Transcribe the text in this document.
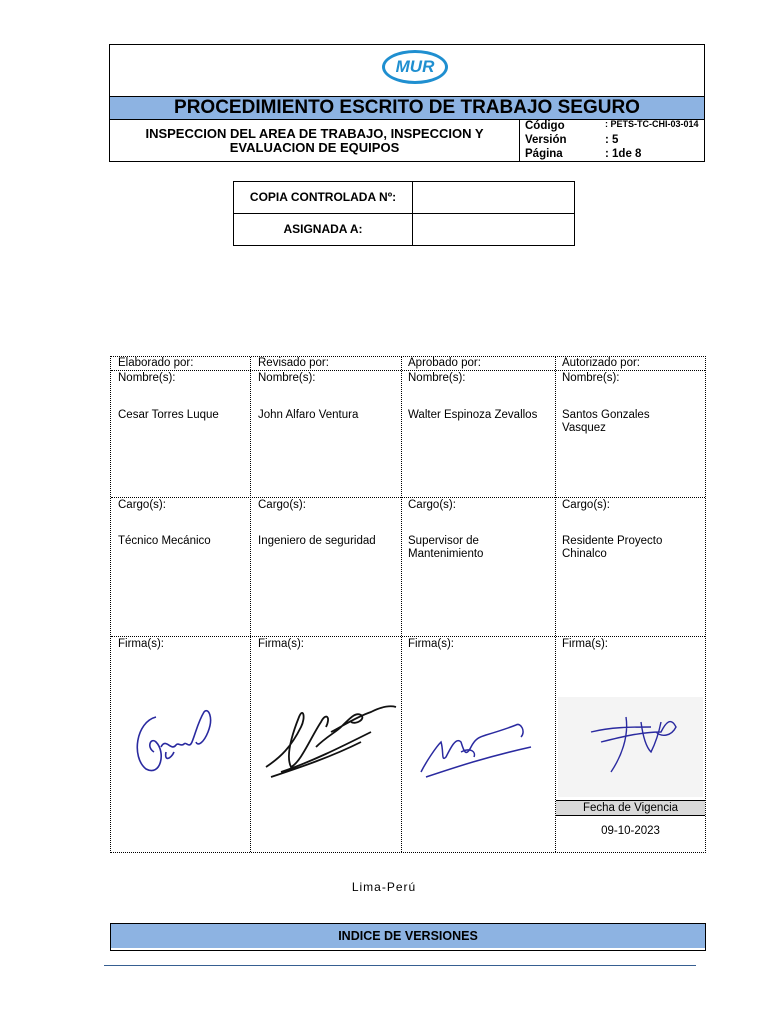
MUR
PROCEDIMIENTO ESCRITO DE TRABAJO SEGURO
INSPECCION DEL AREA DE TRABAJO, INSPECCION Y
EVALUACION DE EQUIPOS
Código	: PETS-TC-CHI-03-014
Versión	: 5
Página	: 1de 8
COPIA CONTROLADA Nº:
ASIGNADA A:
Elaborado por:
Nombre(s):
Cesar Torres Luque
Cargo(s):
Técnico Mecánico
Firma(s):
Revisado por:
Nombre(s):
John Alfaro Ventura
Cargo(s):
Ingeniero de seguridad
Firma(s):
Aprobado por:
Nombre(s):
Walter Espinoza Zevallos
Cargo(s):
Supervisor de
Mantenimiento
Firma(s):
Autorizado por:
Nombre(s):
Santos Gonzales
Vasquez
Cargo(s):
Residente Proyecto
Chinalco
Firma(s):
Fecha de Vigencia
09-10-2023
Lima-Perú
INDICE DE VERSIONES
